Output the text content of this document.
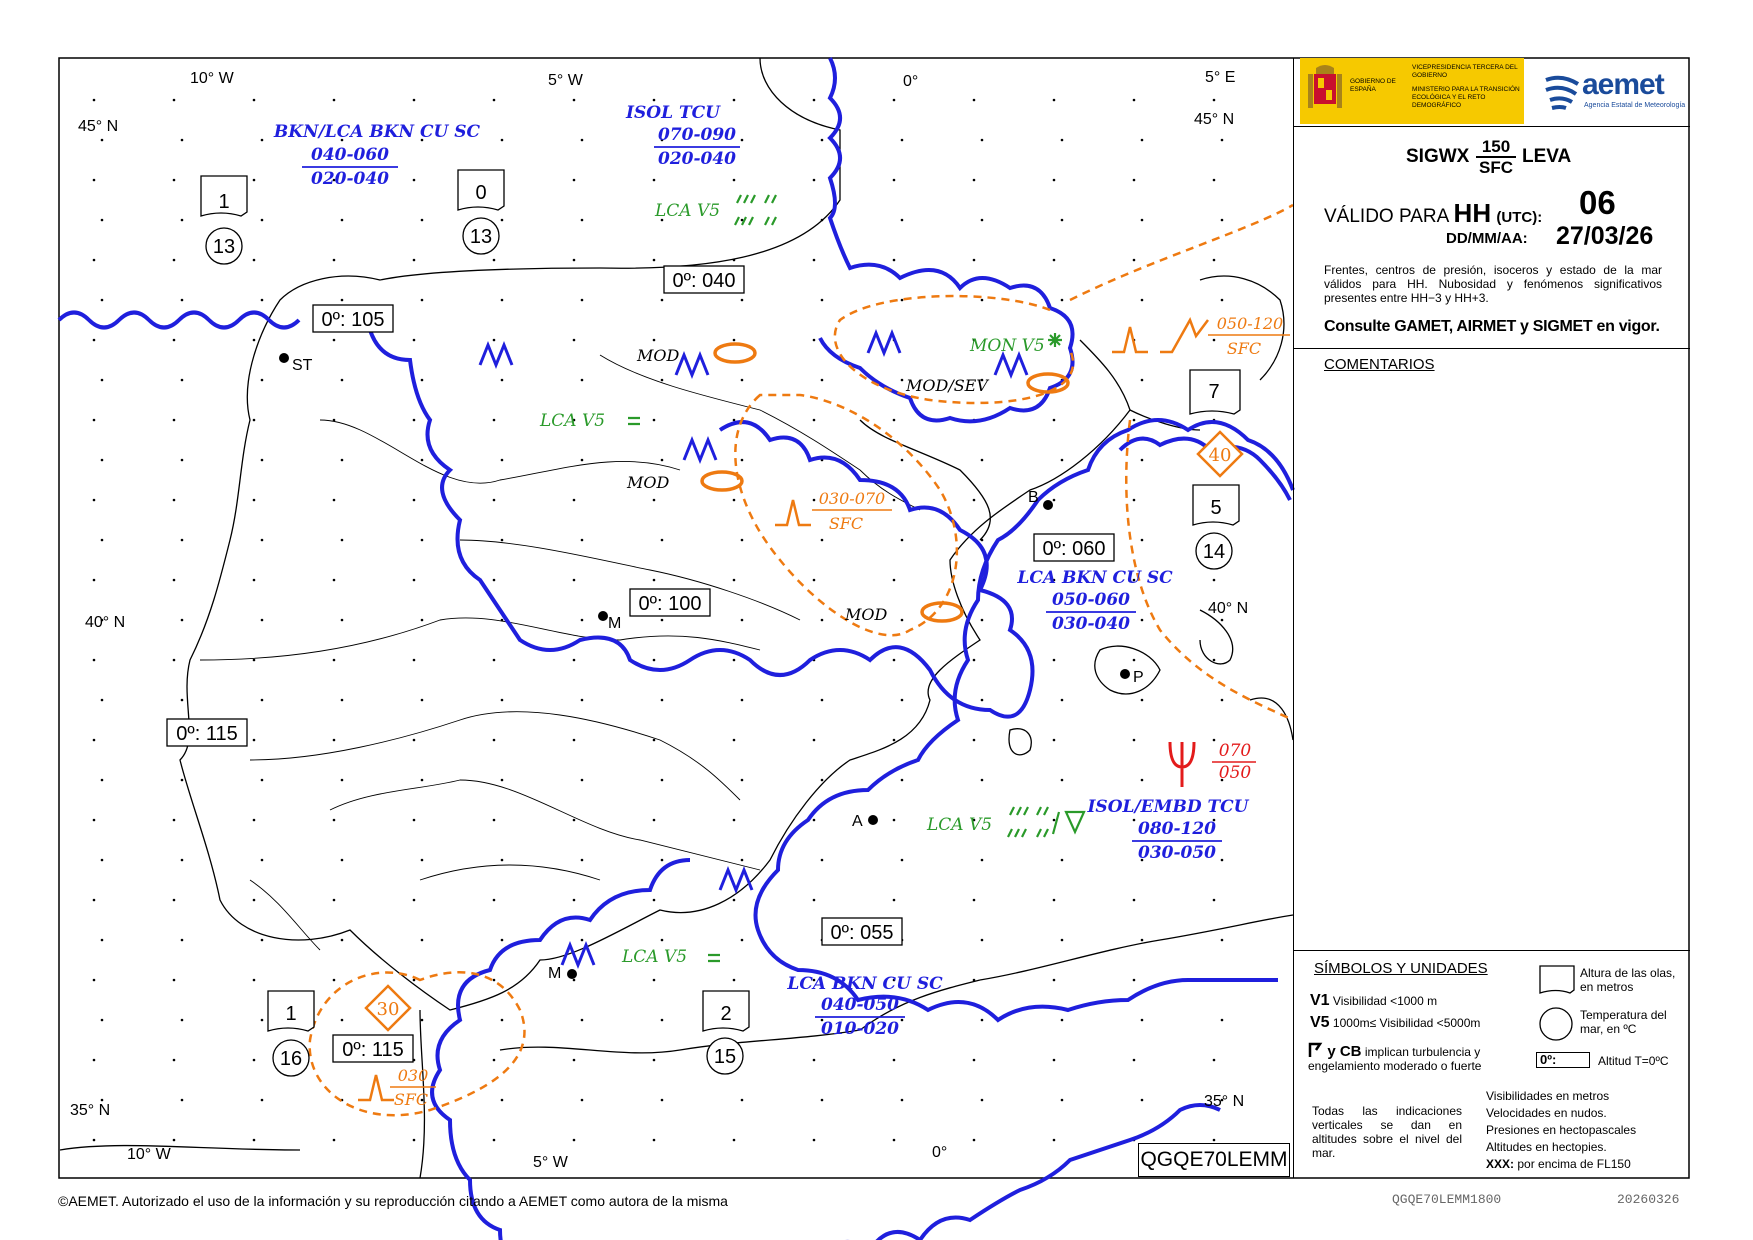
10° W	5° W	0°	5° E
10° W	5° W
0°
45° N	45° N
40° N
40° N
35° N
35° N
ST
M
B
P
A
M
0º: 105
0º: 040
0º: 100
0º: 115
0º: 060
0º: 055
0º: 115
BKN/LCA BKN CU SC
040-060
020-040
ISOL TCU
070-090
020-040
LCA BKN CU SC
050-060
030-040
ISOL/EMBD TCU
080-120
030-050
LCA BKN CU SC
040-050
010-020
LCA V5
LCA V5
MON V5
LCA V5
LCA V5
MOD
MOD
MOD/SEV
MOD
030-070
SFC
050-120
SFC
030
SFC
40
30
070
050
13	13
14
16	15
1	0
7
5
1	2
QGQE70LEMM
GOBIERNO DE ESPAÑA
VICEPRESIDENCIA TERCERA DEL GOBIERNO
MINISTERIO PARA LA TRANSICIÓN ECOLÓGICA Y EL RETO DEMOGRÁFICO
aemet
Agencia Estatal de Meteorología
SIGWX 150
SFC
LEVA
VÁLIDO PARA HH (UTC): 06
DD/MM/AA: 27/03/26
Frentes, centros de presión, isoceros y estado de la mar válidos para HH. Nubosidad y fenómenos significativos presentes entre HH−3 y HH+3.
Consulte GAMET, AIRMET y SIGMET en vigor.
COMENTARIOS
SÍMBOLOS Y UNIDADES
V1 Visibilidad <1000 m
V5 1000m≤ Visibilidad <5000m
y CB implican turbulencia y engelamiento moderado o fuerte
Altura de las olas, en metros
Temperatura del mar, en ºC
0º:	Altitud T=0ºC
Todas las indicaciones verticales se dan en altitudes sobre el nivel del mar.
Visibilidades en metros
Velocidades en nudos.
Presiones en hectopascales
Altitudes en hectopies.
XXX: por encima de FL150
©AEMET. Autorizado el uso de la información y su reproducción citando a AEMET como autora de la misma	QGQE70LEMM1800	20260326
